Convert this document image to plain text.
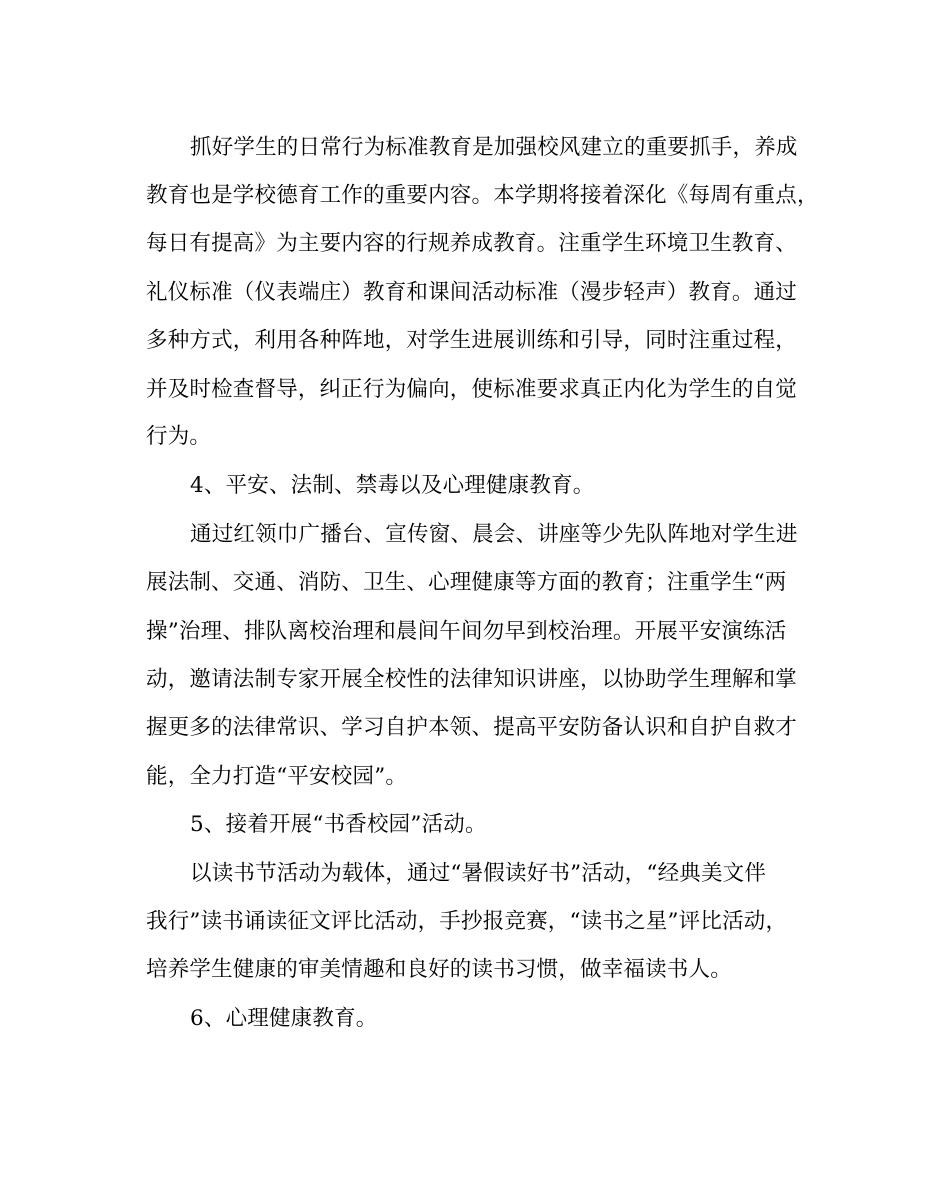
抓好学生的日常行为标准教育是加强校风建立的重要抓手，养成
教育也是学校德育工作的重要内容。本学期将接着深化《每周有重点，
每日有提高》为主要内容的行规养成教育。注重学生环境卫生教育、
礼仪标准（仪表端庄）教育和课间活动标准（漫步轻声）教育。通过
多种方式，利用各种阵地，对学生进展训练和引导，同时注重过程，
并及时检查督导，纠正行为偏向，使标准要求真正内化为学生的自觉
行为。
4、平安、法制、禁毒以及心理健康教育。
通过红领巾广播台、宣传窗、晨会、讲座等少先队阵地对学生进
展法制、交通、消防、卫生、心理健康等方面的教育；注重学生“两
操”治理、排队离校治理和晨间午间勿早到校治理。开展平安演练活
动，邀请法制专家开展全校性的法律知识讲座，以协助学生理解和掌
握更多的法律常识、学习自护本领、提高平安防备认识和自护自救才
能，全力打造“平安校园”。
5、接着开展“书香校园”活动。
以读书节活动为载体，通过“暑假读好书”活动，“经典美文伴
我行”读书诵读征文评比活动，手抄报竞赛，“读书之星”评比活动，
培养学生健康的审美情趣和良好的读书习惯，做幸福读书人。
6、心理健康教育。
